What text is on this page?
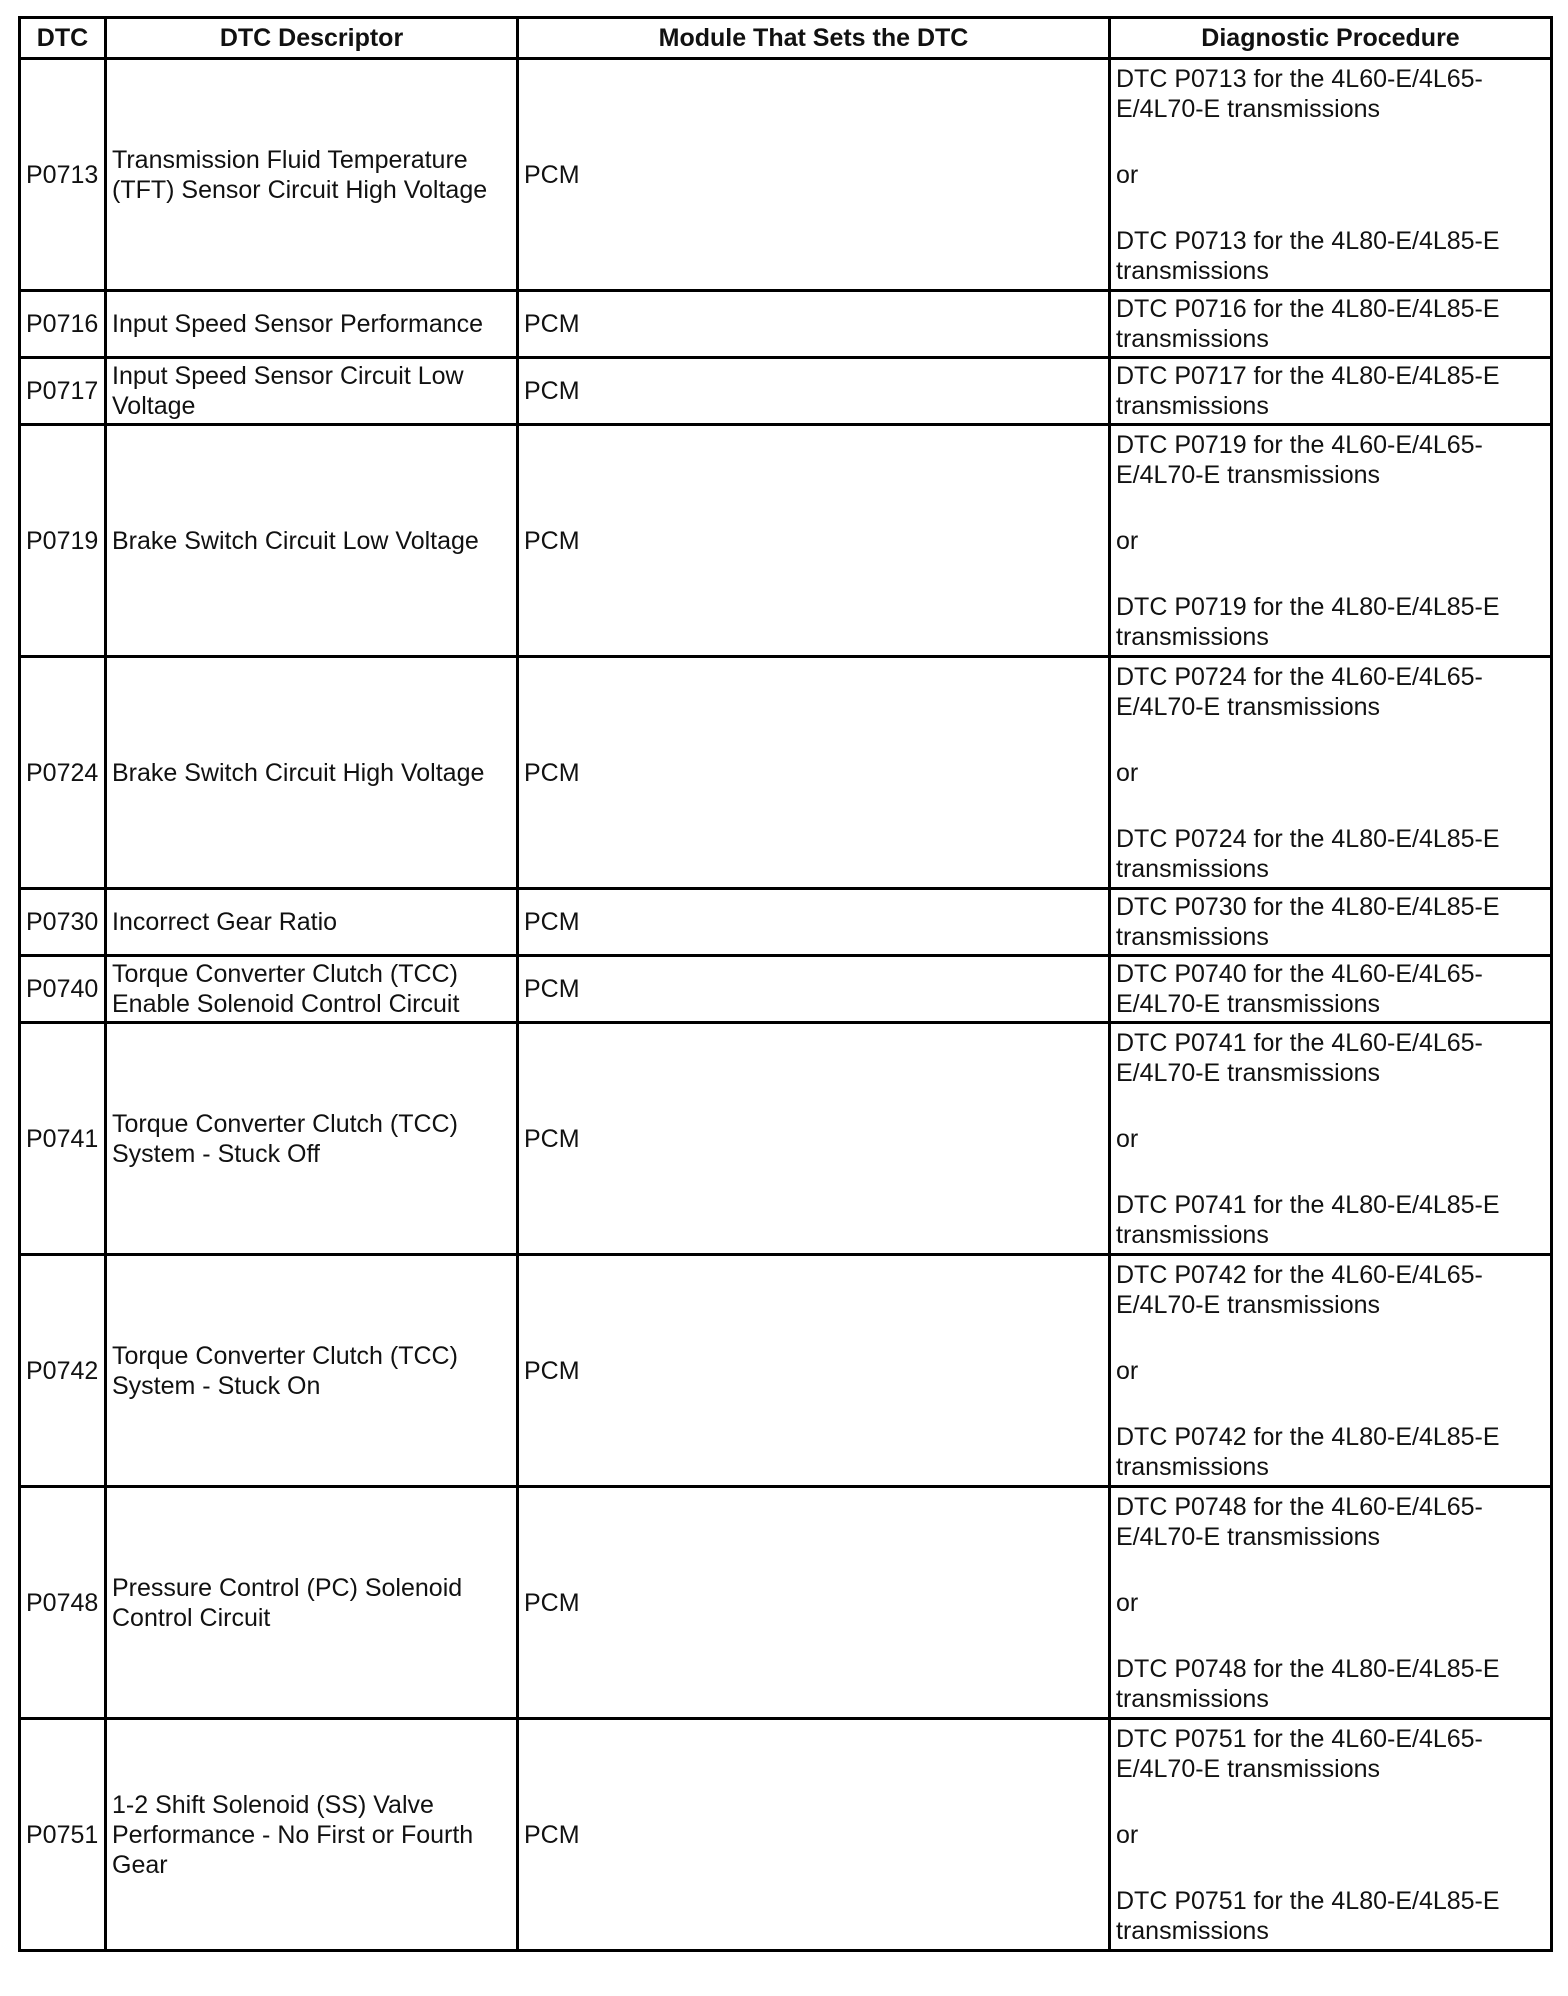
DTC	DTC Descriptor	Module That Sets the DTC	Diagnostic Procedure
P0713	Transmission Fluid Temperature (TFT) Sensor Circuit High Voltage	PCM	DTC P0713 for the 4L60-E/4L65-E/4L70-E transmissions
or
DTC P0713 for the 4L80-E/4L85-E transmissions

P0716	Input Speed Sensor Performance	PCM	DTC P0716 for the 4L80-E/4L85-E transmissions

P0717	Input Speed Sensor Circuit Low Voltage	PCM	DTC P0717 for the 4L80-E/4L85-E transmissions

P0719	Brake Switch Circuit Low Voltage	PCM	DTC P0719 for the 4L60-E/4L65-E/4L70-E transmissions
or
DTC P0719 for the 4L80-E/4L85-E transmissions

P0724	Brake Switch Circuit High Voltage	PCM	DTC P0724 for the 4L60-E/4L65-E/4L70-E transmissions
or
DTC P0724 for the 4L80-E/4L85-E transmissions

P0730	Incorrect Gear Ratio	PCM	DTC P0730 for the 4L80-E/4L85-E transmissions

P0740	Torque Converter Clutch (TCC) Enable Solenoid Control Circuit	PCM	DTC P0740 for the 4L60-E/4L65-E/4L70-E transmissions

P0741	Torque Converter Clutch (TCC) System - Stuck Off	PCM	DTC P0741 for the 4L60-E/4L65-E/4L70-E transmissions
or
DTC P0741 for the 4L80-E/4L85-E transmissions

P0742	Torque Converter Clutch (TCC) System - Stuck On	PCM	DTC P0742 for the 4L60-E/4L65-E/4L70-E transmissions
or
DTC P0742 for the 4L80-E/4L85-E transmissions

P0748	Pressure Control (PC) Solenoid Control Circuit	PCM	DTC P0748 for the 4L60-E/4L65-E/4L70-E transmissions
or
DTC P0748 for the 4L80-E/4L85-E transmissions

P0751	1-2 Shift Solenoid (SS) Valve Performance - No First or Fourth Gear	PCM	DTC P0751 for the 4L60-E/4L65-E/4L70-E transmissions
or
DTC P0751 for the 4L80-E/4L85-E transmissions
